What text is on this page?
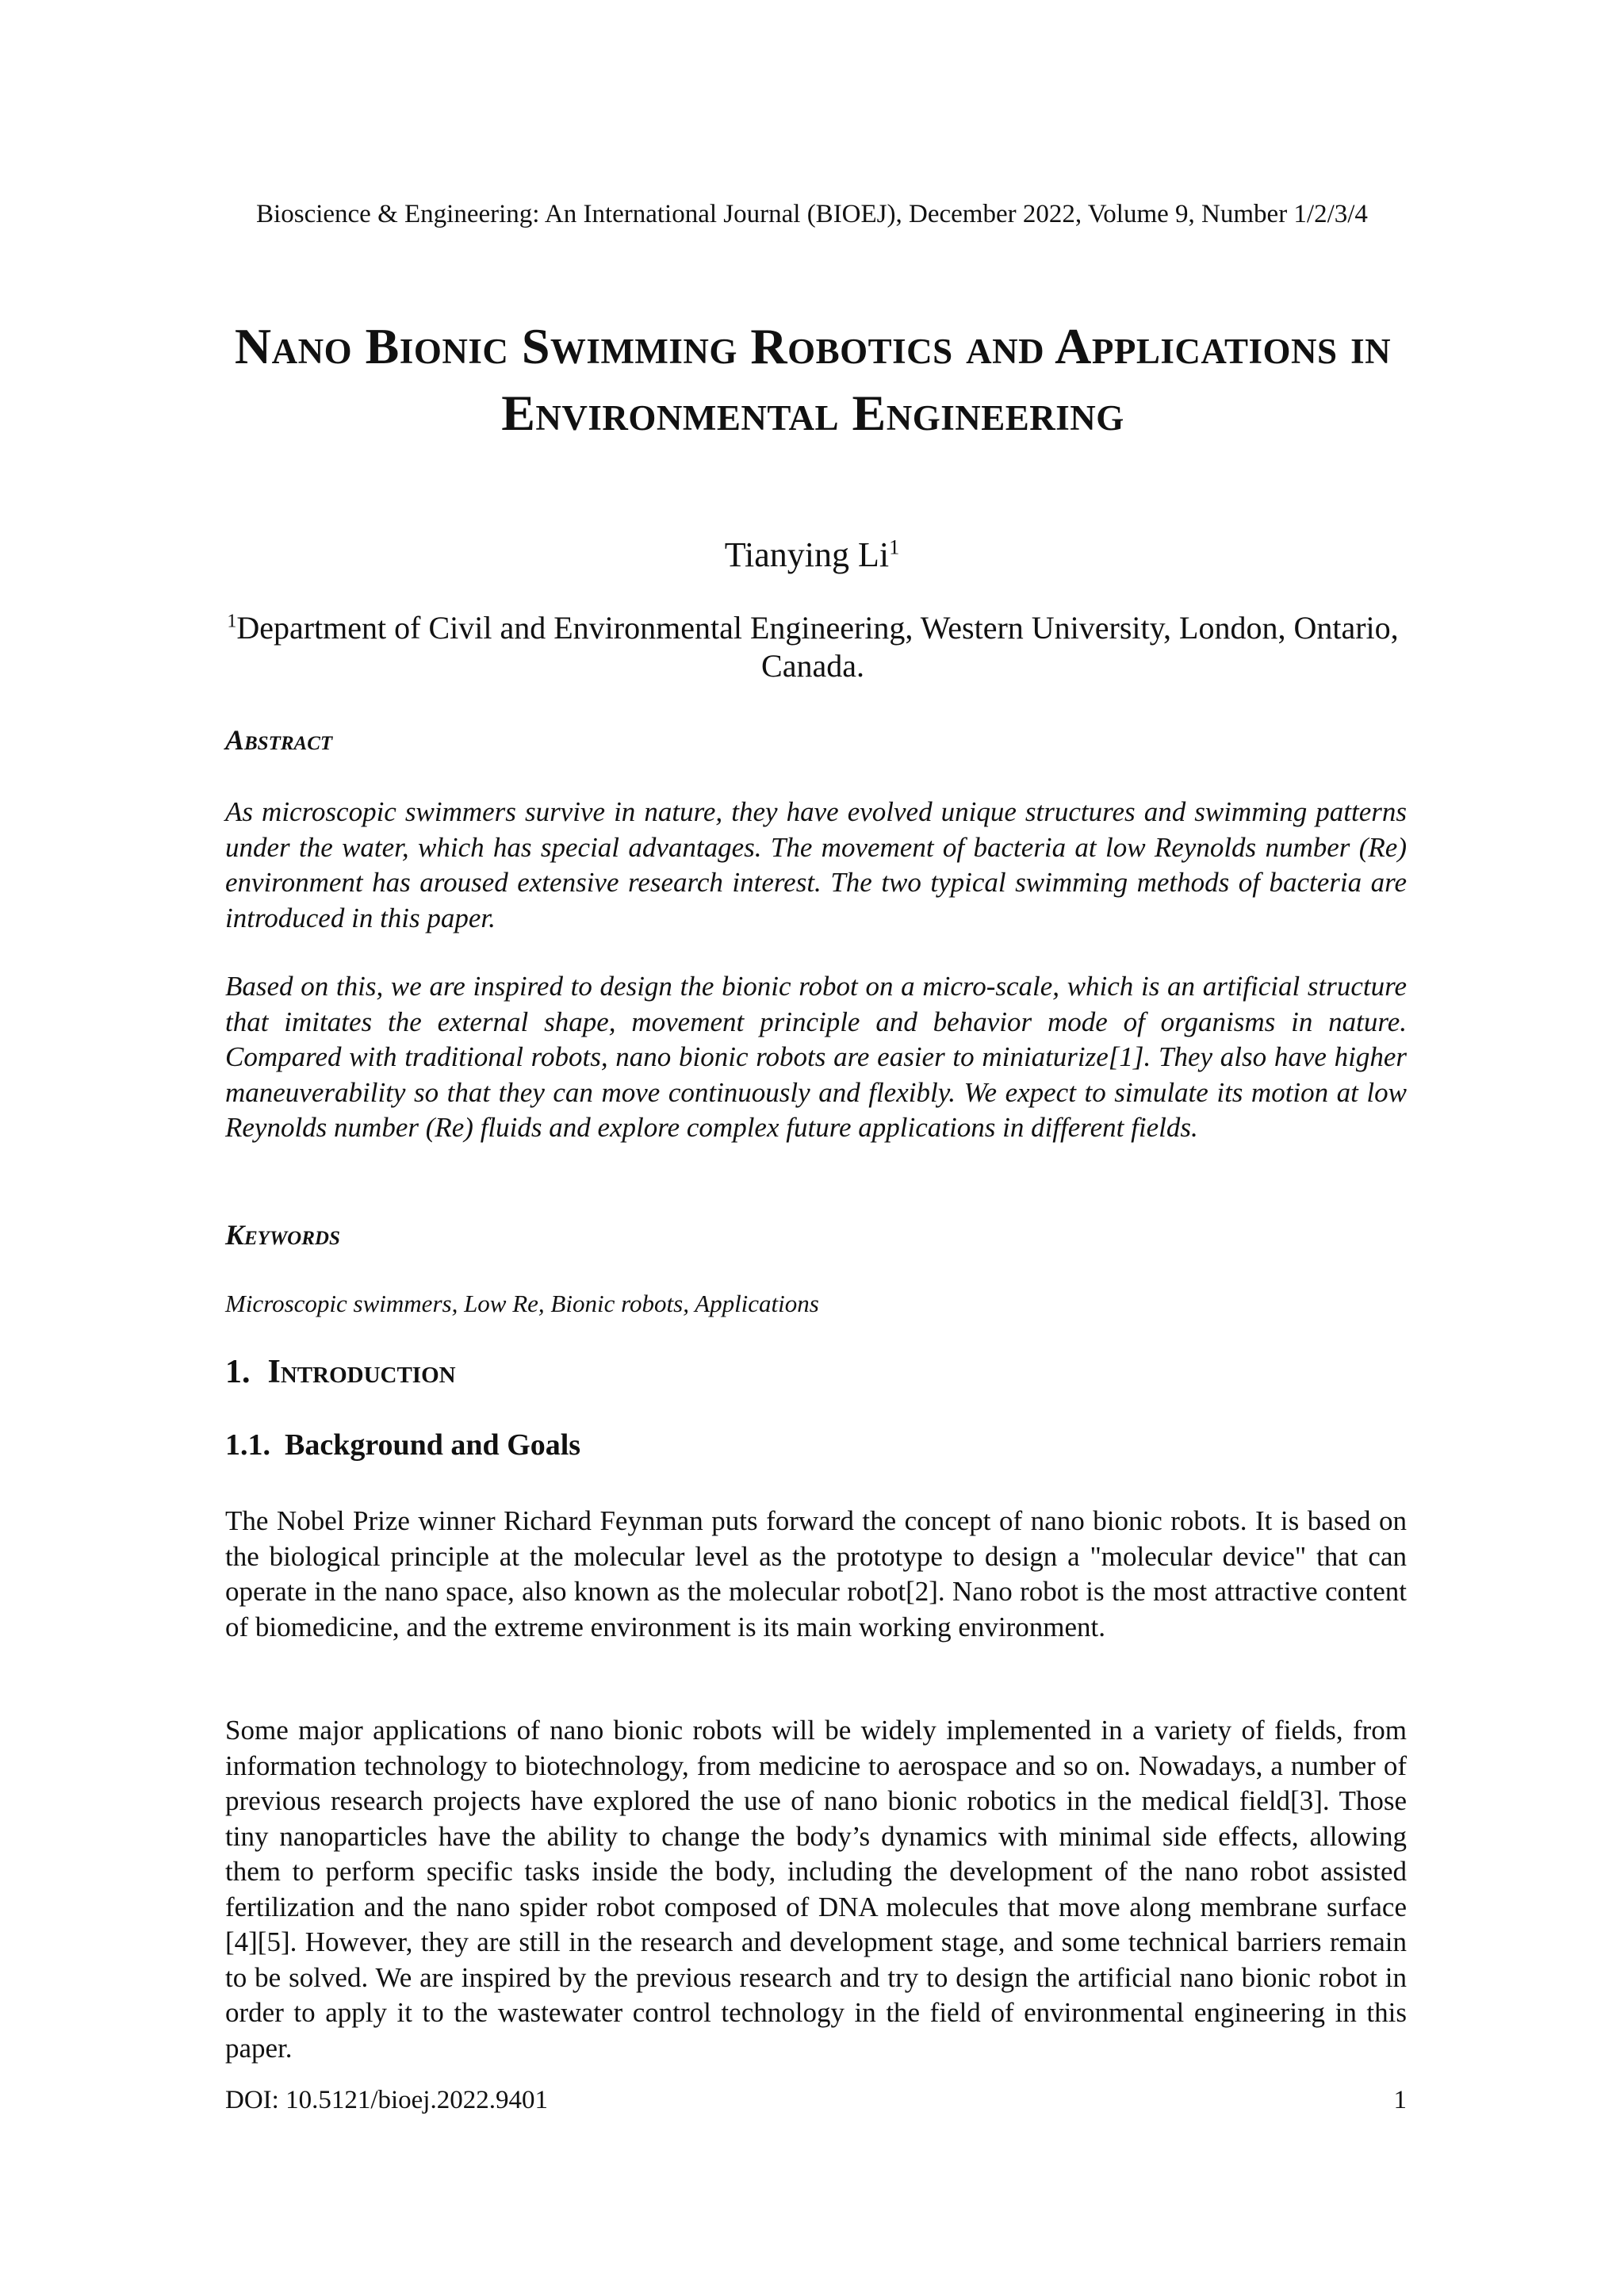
Bioscience & Engineering: An International Journal (BIOEJ), December 2022, Volume 9, Number 1/2/3/4
Nano Bionic Swimming Robotics and Applications in Environmental Engineering
Tianying Li$^1$
$^1$Department of Civil and Environmental Engineering, Western University, London, Ontario, Canada.
Abstract
As microscopic swimmers survive in nature, they have evolved unique structures and swimming patterns under the water, which has special advantages. The movement of bacteria at low Reynolds number (Re) environment has aroused extensive research interest. The two typical swimming methods of bacteria are introduced in this paper.
Based on this, we are inspired to design the bionic robot on a micro-scale, which is an artificial structure that imitates the external shape, movement principle and behavior mode of organisms in nature. Compared with traditional robots, nano bionic robots are easier to miniaturize[1]. They also have higher maneuverability so that they can move continuously and flexibly. We expect to simulate its motion at low Reynolds number (Re) fluids and explore complex future applications in different fields.
Keywords
Microscopic swimmers, Low Re, Bionic robots, Applications
1. Introduction
1.1. Background and Goals
The Nobel Prize winner Richard Feynman puts forward the concept of nano bionic robots. It is based on the biological principle at the molecular level as the prototype to design a "molecular device" that can operate in the nano space, also known as the molecular robot[2]. Nano robot is the most attractive content of biomedicine, and the extreme environment is its main working environment.
Some major applications of nano bionic robots will be widely implemented in a variety of fields, from information technology to biotechnology, from medicine to aerospace and so on. Nowadays, a number of previous research projects have explored the use of nano bionic robotics in the medical field[3]. Those tiny nanoparticles have the ability to change the body’s dynamics with minimal side effects, allowing them to perform specific tasks inside the body, including the development of the nano robot assisted fertilization and the nano spider robot composed of DNA molecules that move along membrane surface [4][5]. However, they are still in the research and development stage, and some technical barriers remain to be solved. We are inspired by the previous research and try to design the artificial nano bionic robot in order to apply it to the wastewater control technology in the field of environmental engineering in this paper.
DOI: 10.5121/bioej.2022.9401	1
